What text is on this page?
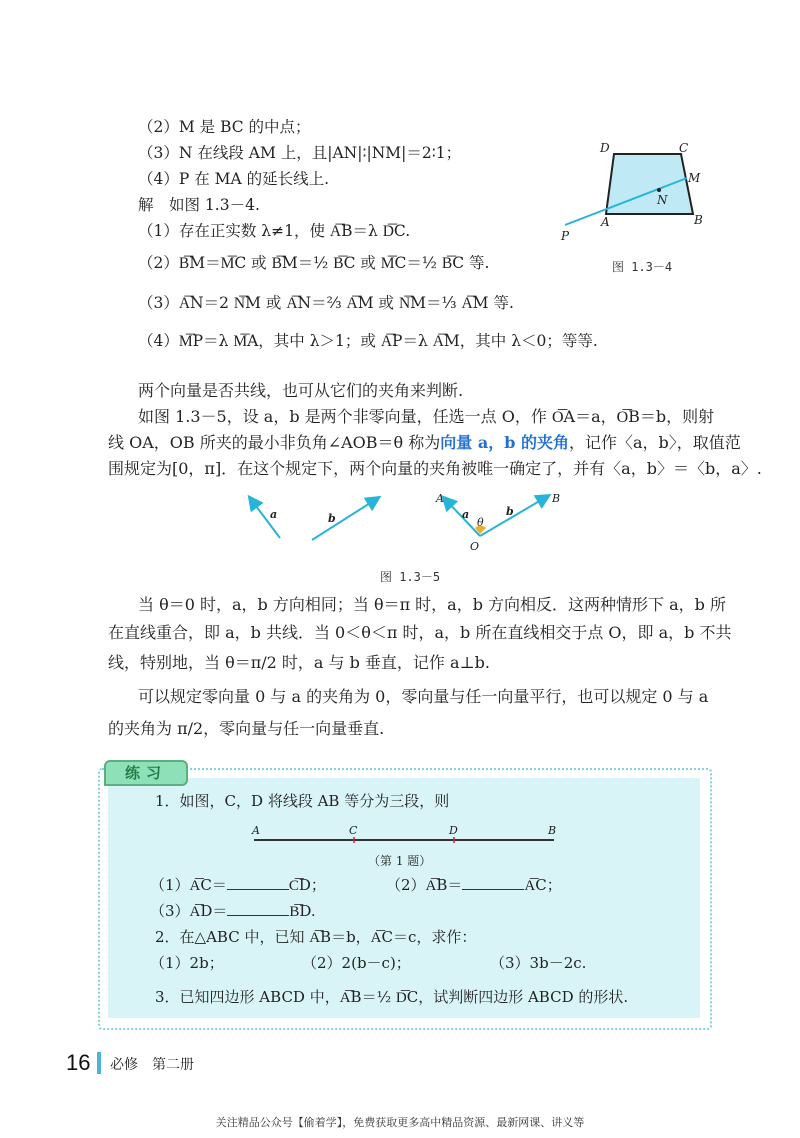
（2）M 是 BC 的中点；
（3）N 在线段 AM 上，且|AN|∶|NM|＝2∶1；
（4）P 在 MA 的延长线上.
解　如图 1.3－4.
（1）存在正实数 λ≠1，使 A͞B＝λ D͞C.
（2）B͞M＝M͞C 或 B͞M＝½ B͞C 或 M͞C＝½ B͞C 等.
（3）A͞N＝2 N͞M 或 A͞N＝⅔ A͞M 或 N͞M＝⅓ A͞M 等.
（4）M͞P＝λ M͞A，其中 λ＞1；或 A͞P＝λ A͞M，其中 λ＜0；等等.
D	C
M
N
A	B
P
图 1.3－4
两个向量是否共线，也可从它们的夹角来判断.
如图 1.3－5，设 a，b 是两个非零向量，任选一点 O，作 O͞A＝a，O͞B＝b，则射
线 OA，OB 所夹的最小非负角∠AOB＝θ 称为向量 a，b 的夹角，记作〈a，b〉，取值范
围规定为[0，π]．在这个规定下，两个向量的夹角被唯一确定了，并有〈a，b〉＝〈b，a〉.
a	b
A	B
a	b
θ
O
图 1.3－5
当 θ＝0 时，a，b 方向相同；当 θ＝π 时，a，b 方向相反．这两种情形下 a，b 所
在直线重合，即 a，b 共线．当 0＜θ＜π 时，a，b 所在直线相交于点 O，即 a，b 不共
线，特别地，当 θ＝π/2 时，a 与 b 垂直，记作 a⊥b.
可以规定零向量 0 与 a 的夹角为 0，零向量与任一向量平行，也可以规定 0 与 a
的夹角为 π/2，零向量与任一向量垂直.
练习
1．如图，C，D 将线段 AB 等分为三段，则
A	C	D	B
（第 1 题）
（1）A͞C＝	C͞D；	（2）A͞B＝	A͞C；
（3）A͞D＝	B͞D.
2．在△ABC 中，已知 A͞B＝b，A͞C＝c，求作：
（1）2b；	（2）2(b－c)；	（3）3b－2c.
3．已知四边形 ABCD 中，A͞B＝½ D͞C，试判断四边形 ABCD 的形状.
16 必修　第二册
关注精品公众号【偷着学】，免费获取更多高中精品资源、最新网课、讲义等
